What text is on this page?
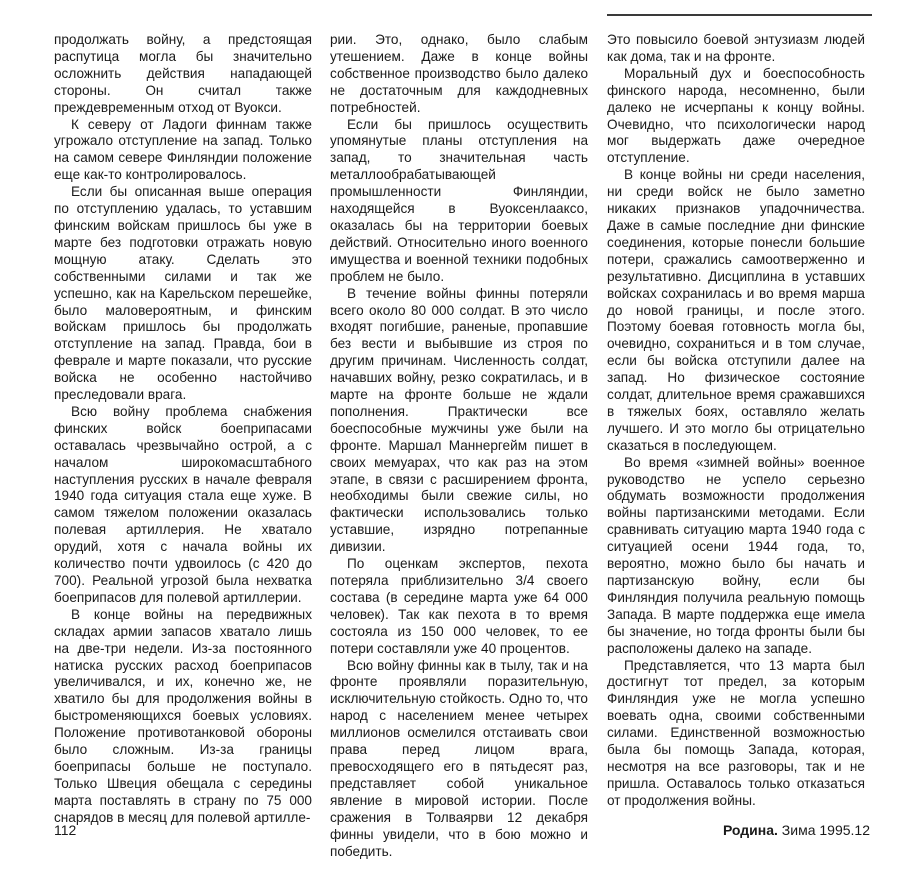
продолжать войну, а предстоящая распутица могла бы значительно осложнить действия нападающей стороны. Он считал также преждевременным отход от Вуокси.

К северу от Ладоги финнам также угрожало отступление на запад. Только на самом севере Финляндии положение еще как-то контролировалось.

Если бы описанная выше операция по отступлению удалась, то уставшим финским войскам пришлось бы уже в марте без подготовки отражать новую мощную атаку. Сделать это собственными силами и так же успешно, как на Карельском перешейке, было маловероятным, и финским войскам пришлось бы продолжать отступление на запад. Правда, бои в феврале и марте показали, что русские войска не особенно настойчиво преследовали врага.

Всю войну проблема снабжения финских войск боеприпасами оставалась чрезвычайно острой, а с началом широкомасштабного наступления русских в начале февраля 1940 года ситуация стала еще хуже. В самом тяжелом положении оказалась полевая артиллерия. Не хватало орудий, хотя с начала войны их количество почти удвоилось (с 420 до 700). Реальной угрозой была нехватка боеприпасов для полевой артиллерии.

В конце войны на передвижных складах армии запасов хватало лишь на две-три недели. Из-за постоянного натиска русских расход боеприпасов увеличивался, и их, конечно же, не хватило бы для продолжения войны в быстроменяющихся боевых условиях. Положение противотанковой обороны было сложным. Из-за границы боеприпасы больше не поступало. Только Швеция обещала с середины марта поставлять в страну по 75 000 снарядов в месяц для полевой артилле-

рии. Это, однако, было слабым утешением. Даже в конце войны собственное производство было далеко не достаточным для каждодневных потребностей.

Если бы пришлось осуществить упомянутые планы отступления на запад, то значительная часть металлообрабатывающей промышленности Финляндии, находящейся в Вуоксенлааксо, оказалась бы на территории боевых действий. Относительно иного военного имущества и военной техники подобных проблем не было.

В течение войны финны потеряли всего около 80 000 солдат. В это число входят погибшие, раненые, пропавшие без вести и выбывшие из строя по другим причинам. Численность солдат, начавших войну, резко сократилась, и в марте на фронте больше не ждали пополнения. Практически все боеспособные мужчины уже были на фронте. Маршал Маннергейм пишет в своих мемуарах, что как раз на этом этапе, в связи с расширением фронта, необходимы были свежие силы, но фактически использовались только уставшие, изрядно потрепанные дивизии.

По оценкам экспертов, пехота потеряла приблизительно 3/4 своего состава (в середине марта уже 64 000 человек). Так как пехота в то время состояла из 150 000 человек, то ее потери составляли уже 40 процентов.

Всю войну финны как в тылу, так и на фронте проявляли поразительную, исключительную стойкость. Одно то, что народ с населением менее четырех миллионов осмелился отстаивать свои права перед лицом врага, превосходящего его в пятьдесят раз, представляет собой уникальное явление в мировой истории. После сражения в Толваярви 12 декабря финны увидели, что в бою можно и победить.

Это повысило боевой энтузиазм людей как дома, так и на фронте.

Моральный дух и боеспособность финского народа, несомненно, были далеко не исчерпаны к концу войны. Очевидно, что психологически народ мог выдержать даже очередное отступление.

В конце войны ни среди населения, ни среди войск не было заметно никаких признаков упадочничества. Даже в самые последние дни финские соединения, которые понесли большие потери, сражались самоотверженно и результативно. Дисциплина в уставших войсках сохранилась и во время марша до новой границы, и после этого. Поэтому боевая готовность могла бы, очевидно, сохраниться и в том случае, если бы войска отступили далее на запад. Но физическое состояние солдат, длительное время сражавшихся в тяжелых боях, оставляло желать лучшего. И это могло бы отрицательно сказаться в последующем.

Во время «зимней войны» военное руководство не успело серьезно обдумать возможности продолжения войны партизанскими методами. Если сравнивать ситуацию марта 1940 года с ситуацией осени 1944 года, то, вероятно, можно было бы начать и партизанскую войну, если бы Финляндия получила реальную помощь Запада. В марте поддержка еще имела бы значение, но тогда фронты были бы расположены далеко на западе.

Представляется, что 13 марта был достигнут тот предел, за которым Финляндия уже не могла успешно воевать одна, своими собственными силами. Единственной возможностью была бы помощь Запада, которая, несмотря на все разговоры, так и не пришла. Оставалось только отказаться от продолжения войны.

112	Родина. Зима 1995.12
